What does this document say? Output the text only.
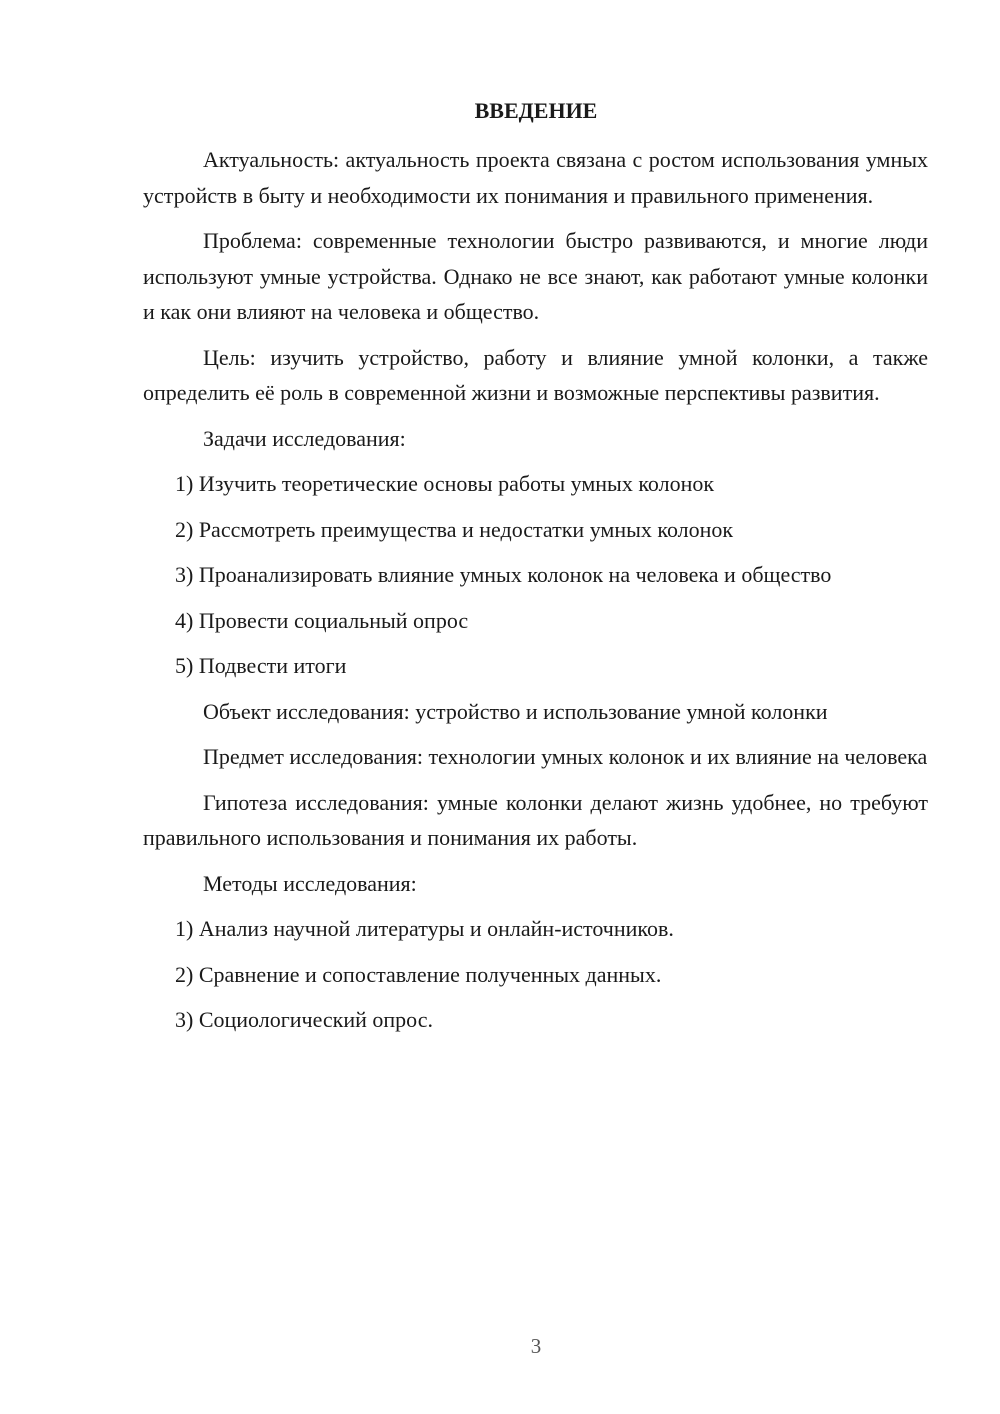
ВВЕДЕНИЕ

Актуальность: актуальность проекта связана с ростом использования умных устройств в быту и необходимости их понимания и правильного применения.

Проблема: современные технологии быстро развиваются, и многие люди используют умные устройства. Однако не все знают, как работают умные колонки и как они влияют на человека и общество.

Цель: изучить устройство, работу и влияние умной колонки, а также определить её роль в современной жизни и возможные перспективы развития.

Задачи исследования:

1) Изучить теоретические основы работы умных колонок

2) Рассмотреть преимущества и недостатки умных колонок

3) Проанализировать влияние умных колонок на человека и общество

4) Провести социальный опрос

5) Подвести итоги

Объект исследования: устройство и использование умной колонки

Предмет исследования: технологии умных колонок и их влияние на человека

Гипотеза исследования: умные колонки делают жизнь удобнее, но требуют правильного использования и понимания их работы.

Методы исследования:

1) Анализ научной литературы и онлайн-источников.

2) Сравнение и сопоставление полученных данных.

3) Социологический опрос.

3
